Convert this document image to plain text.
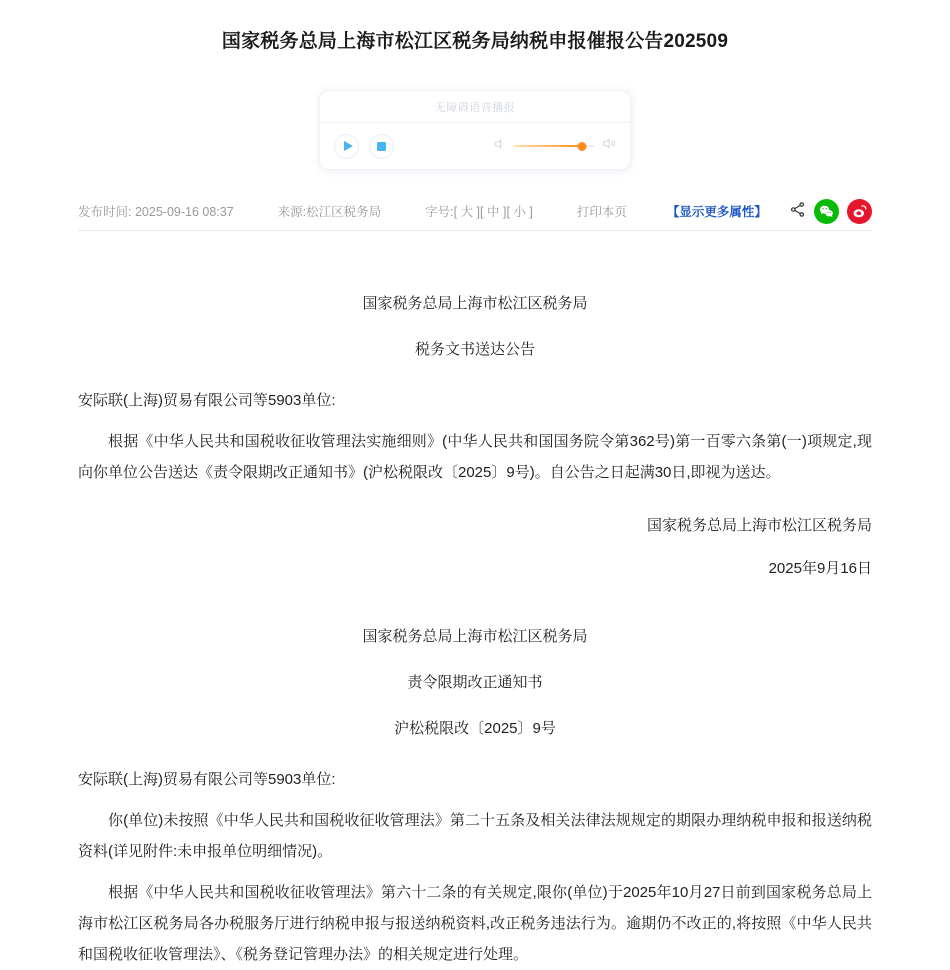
国家税务总局上海市松江区税务局纳税申报催报公告202509
无障碍语音播报
发布时间: 2025-09-16 08:37	来源:松江区税务局	字号:[ 大 ][ 中 ][ 小 ]	打印本页	【显示更多属性】
国家税务总局上海市松江区税务局
税务文书送达公告
安际联(上海)贸易有限公司等5903单位:
根据《中华人民共和国税收征收管理法实施细则》(中华人民共和国国务院令第362号)第一百零六条第(一)项规定,现向你单位公告送达《责令限期改正通知书》(沪松税限改〔2025〕9号)。自公告之日起满30日,即视为送达。
国家税务总局上海市松江区税务局
2025年9月16日
国家税务总局上海市松江区税务局
责令限期改正通知书
沪松税限改〔2025〕9号
安际联(上海)贸易有限公司等5903单位:
你(单位)未按照《中华人民共和国税收征收管理法》第二十五条及相关法律法规规定的期限办理纳税申报和报送纳税资料(详见附件:未申报单位明细情况)。
根据《中华人民共和国税收征收管理法》第六十二条的有关规定,限你(单位)于2025年10月27日前到国家税务总局上海市松江区税务局各办税服务厅进行纳税申报与报送纳税资料,改正税务违法行为。逾期仍不改正的,将按照《中华人民共和国税收征收管理法》、《税务登记管理办法》的相关规定进行处理。
